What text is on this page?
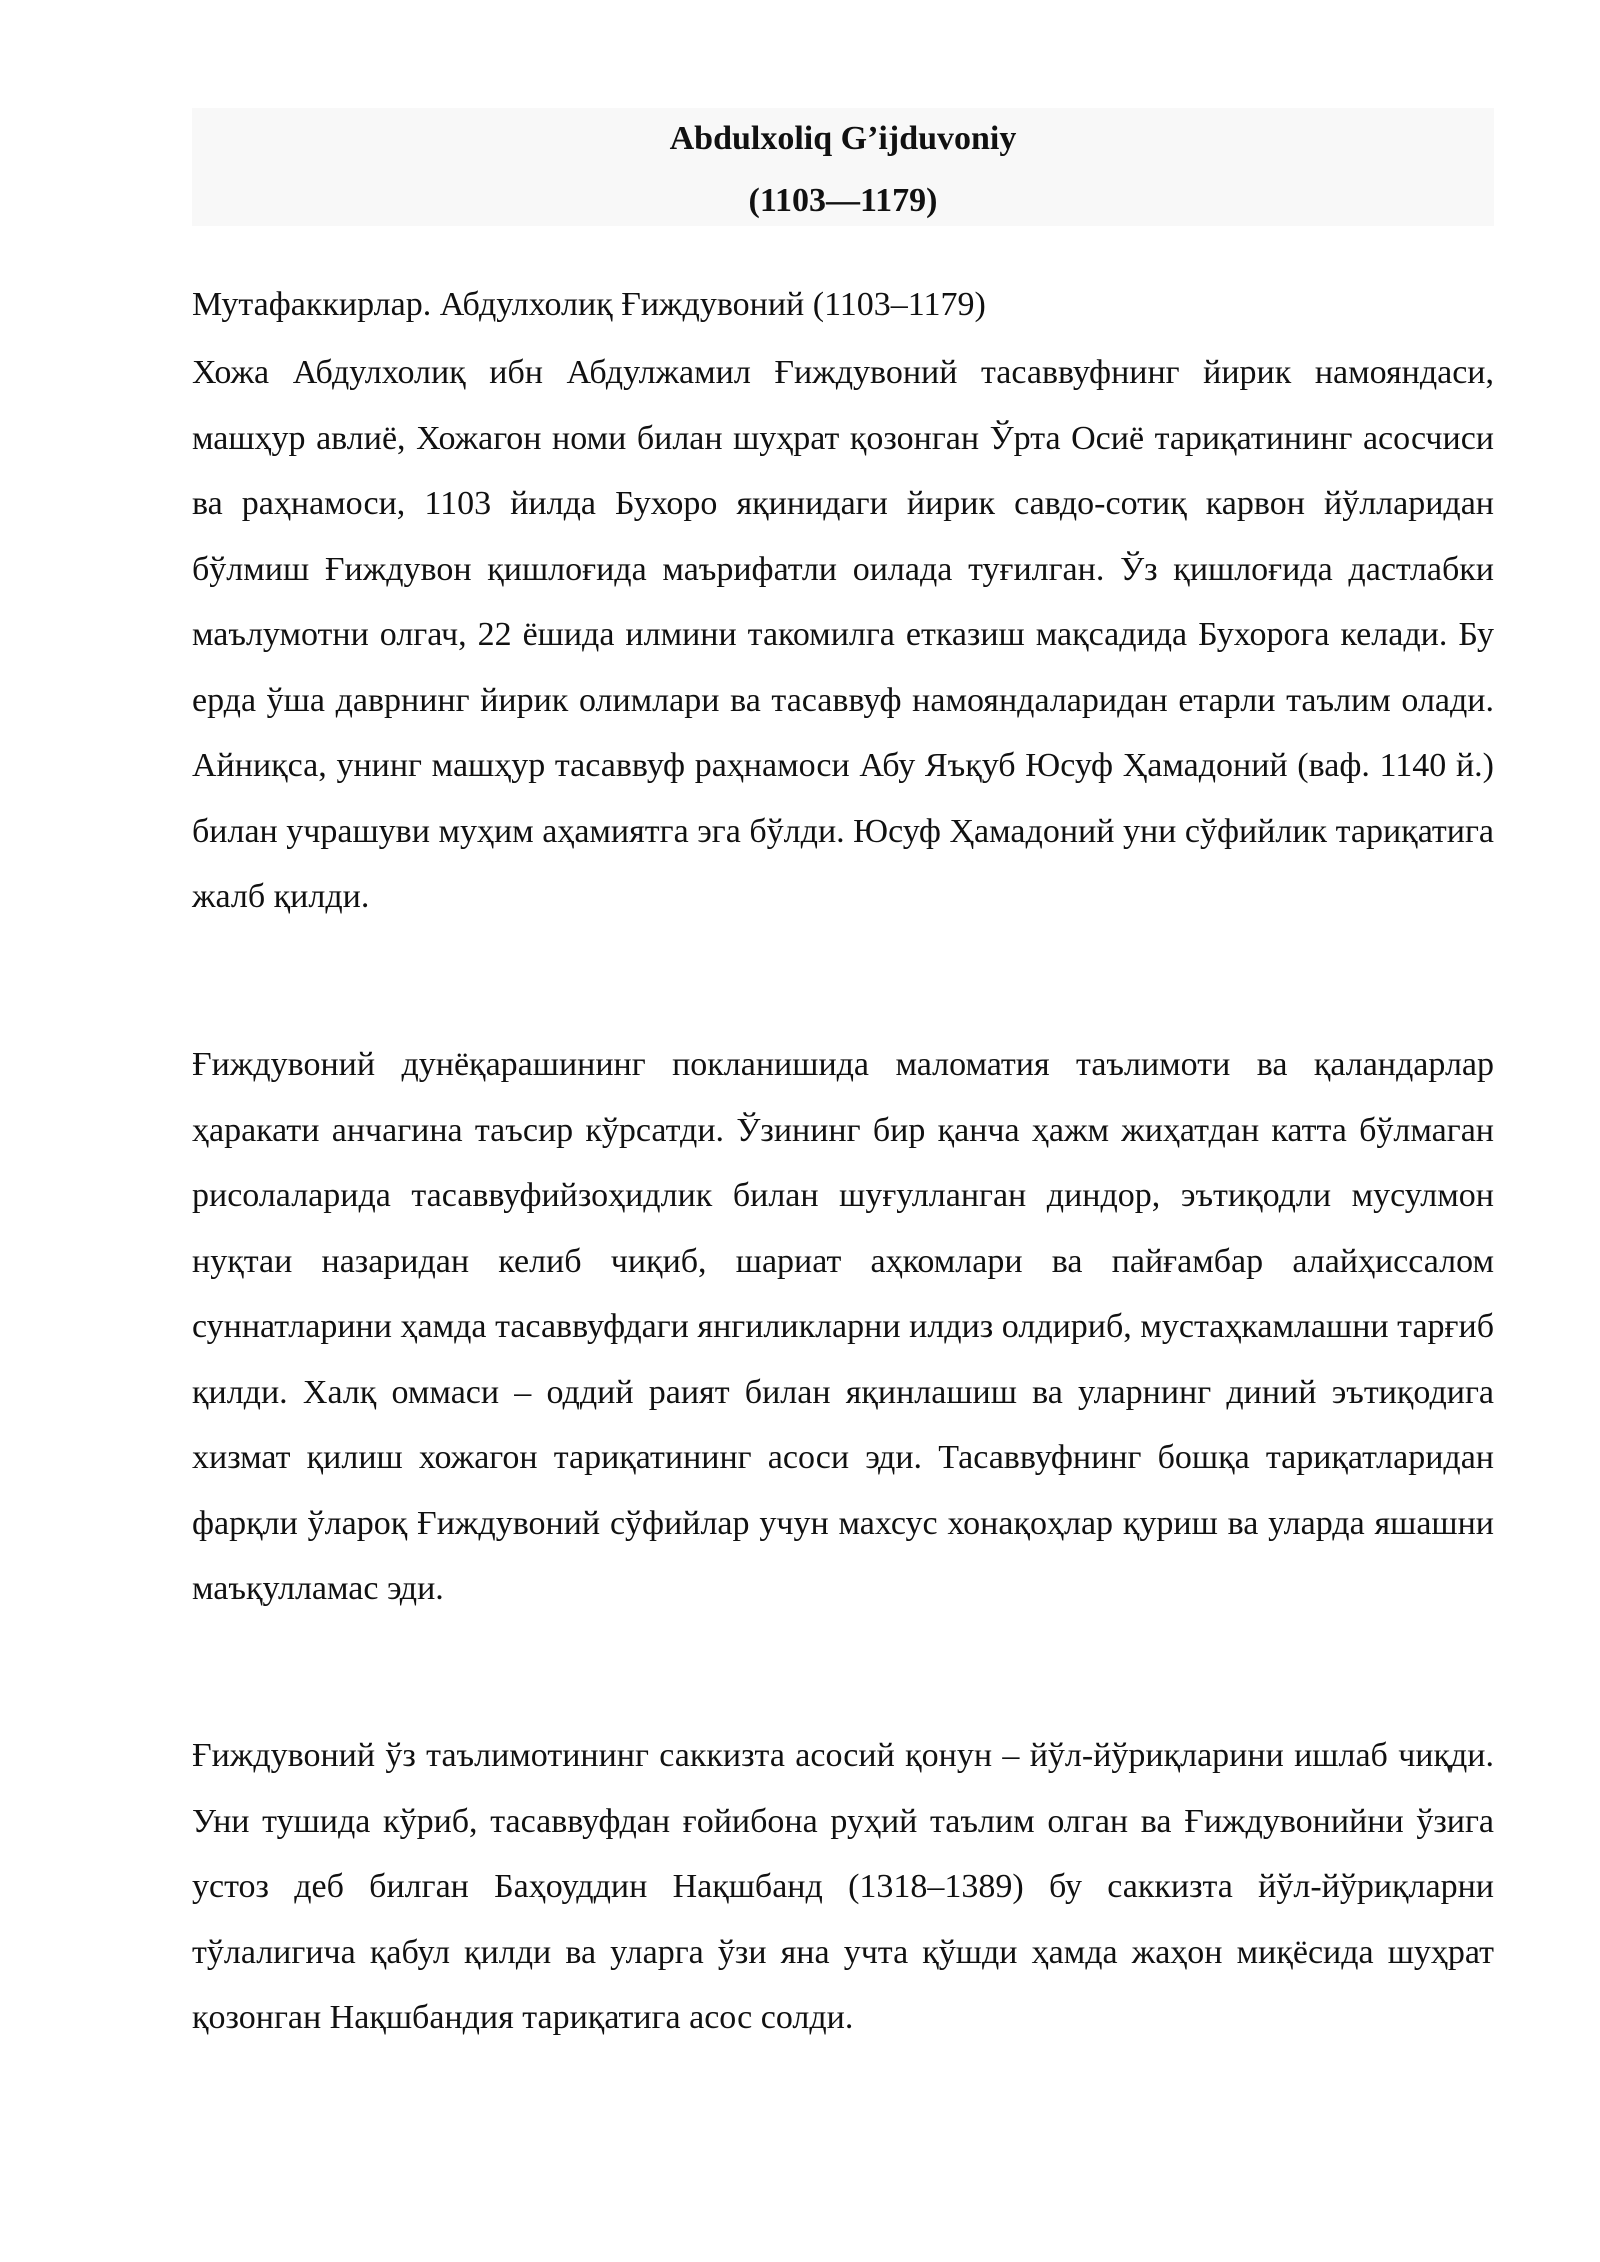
Abdulxoliq G’ijduvoniy

(1103—1179)

Мутафаккирлар. Абдулхолиқ Ғиждувоний (1103–1179)

Хожа Абдулхолиқ ибн Абдулжамил Ғиждувоний тасаввуфнинг йирик намояндаси, машҳур авлиё, Хожагон номи билан шуҳрат қозонган Ўрта Осиё тариқатининг асосчиси ва раҳнамоси, 1103 йилда Бухоро яқинидаги йирик савдо-сотиқ карвон йўлларидан бўлмиш Ғиждувон қишлоғида маърифатли оилада туғилган. Ўз қишлоғида дастлабки маълумотни олгач, 22 ёшида илмини такомилга етказиш мақсадида Бухорога келади. Бу ерда ўша даврнинг йирик олимлари ва тасаввуф намояндаларидан етарли таълим олади. Айниқса, унинг машҳур тасаввуф раҳнамоси Абу Яъқуб Юсуф Ҳамадоний (ваф. 1140 й.) билан учрашуви муҳим аҳамиятга эга бўлди. Юсуф Ҳамадоний уни сўфийлик тариқатига жалб қилди.

Ғиждувоний дунёқарашининг покланишида маломатия таълимоти ва қаландарлар ҳаракати анчагина таъсир кўрсатди. Ўзининг бир қанча ҳажм жиҳатдан катта бўлмаган рисолаларида тасаввуфийзоҳидлик билан шуғулланган диндор, эътиқодли мусулмон нуқтаи назаридан келиб чиқиб, шариат аҳкомлари ва пайғамбар алайҳиссалом суннатларини ҳамда тасаввуфдаги янгиликларни илдиз олдириб, мустаҳкамлашни тарғиб қилди. Халқ оммаси – оддий раият билан яқинлашиш ва уларнинг диний эътиқодига хизмат қилиш хожагон тариқатининг асоси эди. Тасаввуфнинг бошқа тариқатларидан фарқли ўлароқ Ғиждувоний сўфийлар учун махсус хонақоҳлар қуриш ва уларда яшашни маъқулламас эди.

Ғиждувоний ўз таълимотининг саккизта асосий қонун – йўл-йўриқларини ишлаб чиқди. Уни тушида кўриб, тасаввуфдан ғойибона руҳий таълим олган ва Ғиждувонийни ўзига устоз деб билган Баҳоуддин Нақшбанд (1318–1389) бу саккизта йўл-йўриқларни тўлалигича қабул қилди ва уларга ўзи яна учта қўшди ҳамда жаҳон миқёсида шуҳрат қозонган Нақшбандия тариқатига асос солди.
